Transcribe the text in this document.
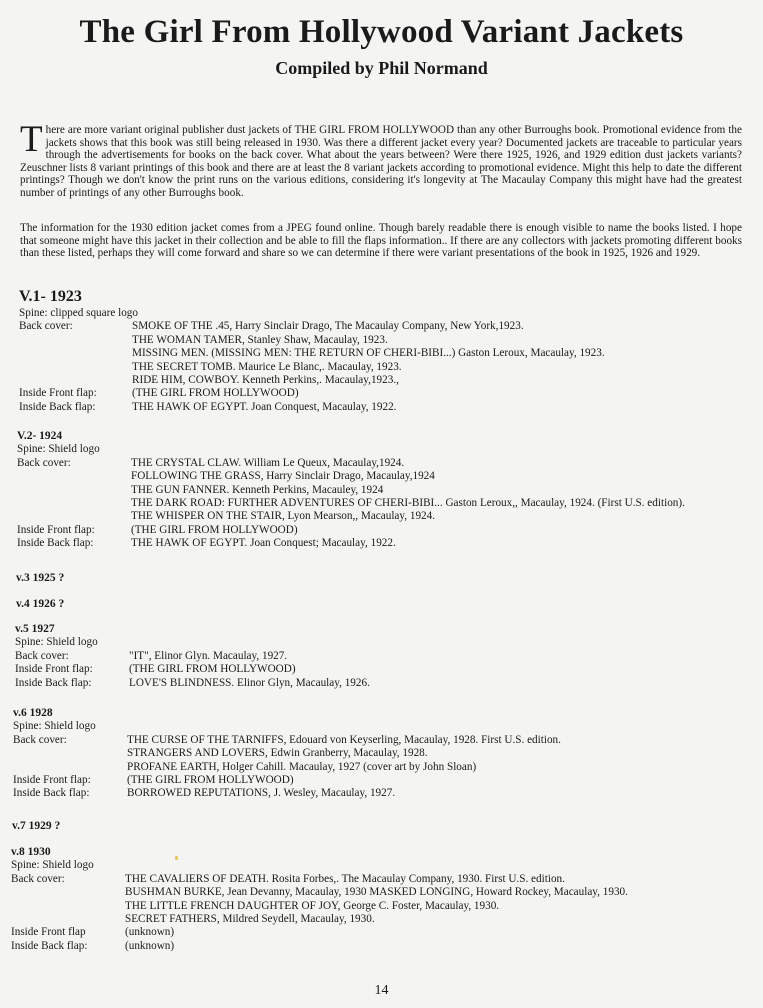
The Girl From Hollywood Variant Jackets
Compiled by Phil Normand

There are more variant original publisher dust jackets of THE GIRL FROM HOLLYWOOD than any other Burroughs book. Promotional evidence from the jackets shows that this book was still being released in 1930. Was there a different jacket every year? Documented jackets are traceable to particular years through the advertisements for books on the back cover. What about the years between? Were there 1925, 1926, and 1929 edition dust jackets variants? Zeuschner lists 8 variant printings of this book and there are at least the 8 variant jackets according to promotional evidence. Might this help to date the different printings? Though we don't know the print runs on the various editions, considering it's longevity at The Macaulay Company this might have had the greatest number of printings of any other Burroughs book.

The information for the 1930 edition jacket comes from a JPEG found online. Though barely readable there is enough visible to name the books listed. I hope that someone might have this jacket in their collection and be able to fill the flaps information.. If there are any collectors with jackets promoting different books than these listed, perhaps they will come forward and share so we can determine if there were variant presentations of the book in 1925, 1926 and 1929.

V.1- 1923
Spine: clipped square logo
Back cover:	SMOKE OF THE .45, Harry Sinclair Drago, The Macaulay Company, New York,1923.
THE WOMAN TAMER, Stanley Shaw, Macaulay, 1923.
MISSING MEN. (MISSING MEN: THE RETURN OF CHERI-BIBI...) Gaston Leroux, Macaulay, 1923.
THE SECRET TOMB. Maurice Le Blanc,. Macaulay, 1923.
RIDE HIM, COWBOY. Kenneth Perkins,. Macaulay,1923.,
Inside Front flap:	(THE GIRL FROM HOLLYWOOD)
Inside Back flap:	THE HAWK OF EGYPT. Joan Conquest, Macaulay, 1922.
V.2- 1924
Spine: Shield logo
Back cover:	THE CRYSTAL CLAW. William Le Queux, Macaulay,1924.
FOLLOWING THE GRASS, Harry Sinclair Drago, Macaulay,1924
THE GUN FANNER. Kenneth Perkins, Macauley, 1924
THE DARK ROAD: FURTHER ADVENTURES OF CHERI-BIBI... Gaston Leroux,, Macaulay, 1924. (First U.S. edition).
THE WHISPER ON THE STAIR, Lyon Mearson,, Macaulay, 1924.
Inside Front flap:	(THE GIRL FROM HOLLYWOOD)
Inside Back flap:	THE HAWK OF EGYPT. Joan Conquest; Macaulay, 1922.
v.3 1925 ?
v.4 1926 ?
v.5 1927
Spine: Shield logo
Back cover:	"IT", Elinor Glyn. Macaulay, 1927.
Inside Front flap:	(THE GIRL FROM HOLLYWOOD)
Inside Back flap:	LOVE'S BLINDNESS. Elinor Glyn, Macaulay, 1926.
v.6 1928
Spine: Shield logo
Back cover:	THE CURSE OF THE TARNIFFS, Edouard von Keyserling, Macaulay, 1928. First U.S. edition.
STRANGERS AND LOVERS, Edwin Granberry, Macaulay, 1928.
PROFANE EARTH, Holger Cahill. Macaulay, 1927 (cover art by John Sloan)
Inside Front flap:	(THE GIRL FROM HOLLYWOOD)
Inside Back flap:	BORROWED REPUTATIONS, J. Wesley, Macaulay, 1927.
v.7 1929 ?
v.8 1930
Spine: Shield logo
Back cover:	THE CAVALIERS OF DEATH. Rosita Forbes,. The Macaulay Company, 1930. First U.S. edition.
BUSHMAN BURKE, Jean Devanny, Macaulay, 1930 MASKED LONGING, Howard Rockey, Macaulay, 1930.
THE LITTLE FRENCH DAUGHTER OF JOY, George C. Foster, Macaulay, 1930.
SECRET FATHERS, Mildred Seydell, Macaulay, 1930.
Inside Front flap	(unknown)
Inside Back flap:	(unknown)
14
